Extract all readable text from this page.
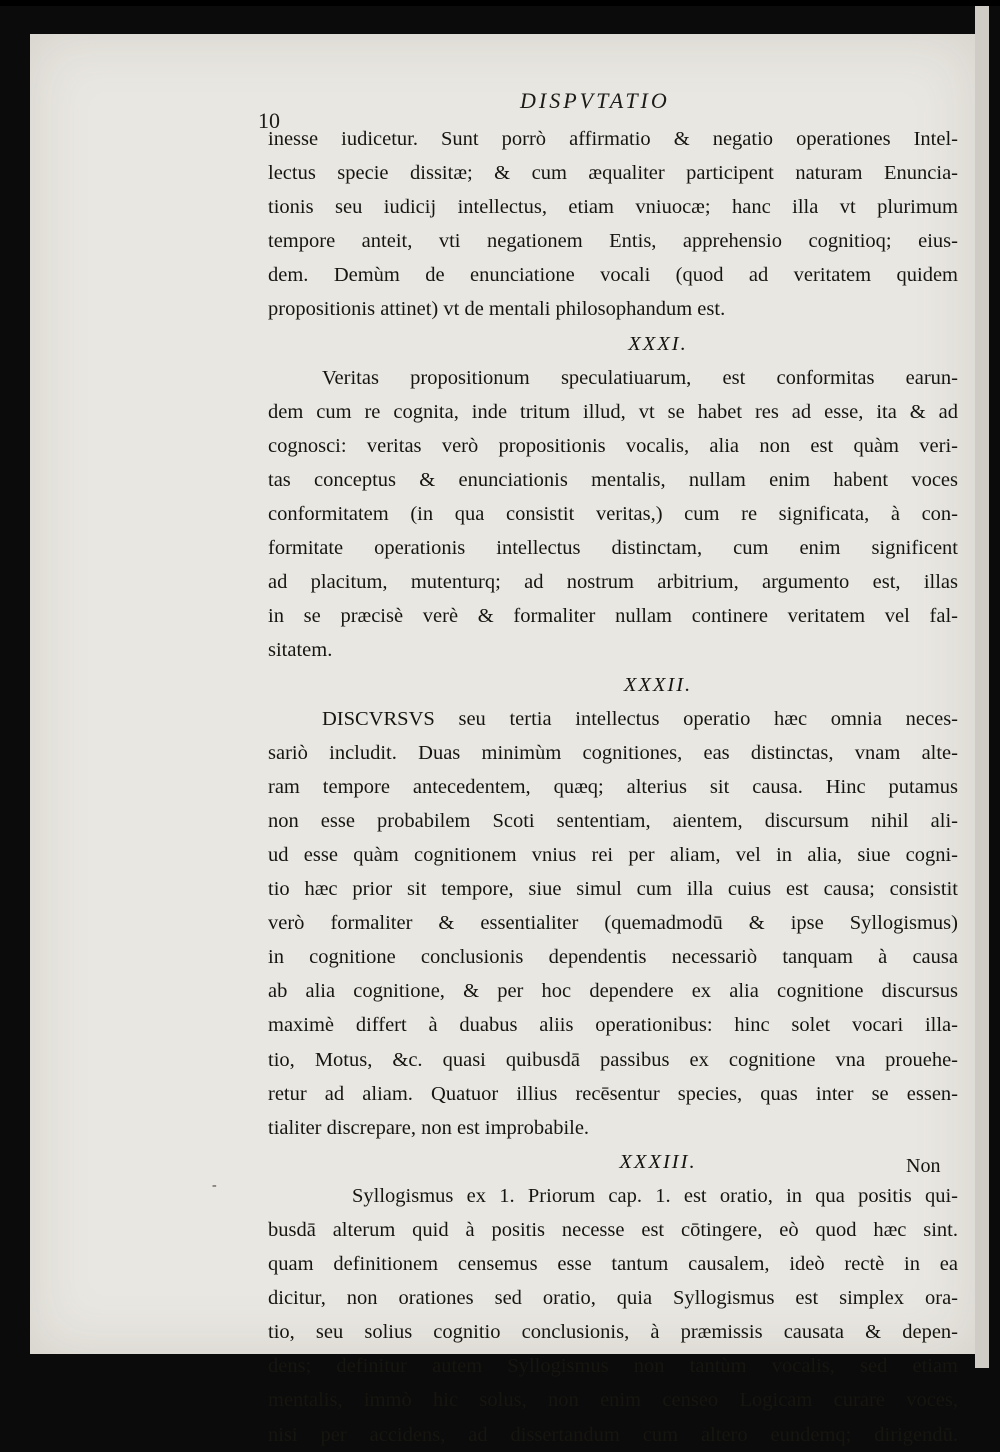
10
DISPVTATIO
inesse iudicetur. Sunt porrò affirmatio & negatio operationes Intel-
lectus specie dissitæ; & cum æqualiter participent naturam Enuncia-
tionis seu iudicij intellectus, etiam vniuocæ; hanc illa vt plurimum
tempore anteit, vti negationem Entis, apprehensio cognitioq; eius-
dem. Demùm de enunciatione vocali (quod ad veritatem quidem
propositionis attinet) vt de mentali philosophandum est.
XXXI.
Veritas propositionum speculatiuarum, est conformitas earun-
dem cum re cognita, inde tritum illud, vt se habet res ad esse, ita & ad
cognosci: veritas verò propositionis vocalis, alia non est quàm veri-
tas conceptus & enunciationis mentalis, nullam enim habent voces
conformitatem (in qua consistit veritas,) cum re significata, à con-
formitate operationis intellectus distinctam, cum enim significent
ad placitum, mutenturq; ad nostrum arbitrium, argumento est, illas
in se præcisè verè & formaliter nullam continere veritatem vel fal-
sitatem.
XXXII.
DISCVRSVS seu tertia intellectus operatio hæc omnia neces-
sariò includit. Duas minimùm cognitiones, eas distinctas, vnam alte-
ram tempore antecedentem, quæq; alterius sit causa. Hinc putamus
non esse probabilem Scoti sententiam, aientem, discursum nihil ali-
ud esse quàm cognitionem vnius rei per aliam, vel in alia, siue cogni-
tio hæc prior sit tempore, siue simul cum illa cuius est causa; consistit
verò formaliter & essentialiter (quemadmodū & ipse Syllogismus)
in cognitione conclusionis dependentis necessariò tanquam à causa
ab alia cognitione, & per hoc dependere ex alia cognitione discursus
maximè differt à duabus aliis operationibus: hinc solet vocari illa-
tio, Motus, &c. quasi quibusdā passibus ex cognitione vna prouehe-
retur ad aliam. Quatuor illius recēsentur species, quas inter se essen-
tialiter discrepare, non est improbabile.
XXXIII.
Syllogismus ex 1. Priorum cap. 1. est oratio, in qua positis qui-
busdā alterum quid à positis necesse est cōtingere, eò quod hæc sint.
quam definitionem censemus esse tantum causalem, ideò rectè in ea
dicitur, non orationes sed oratio, quia Syllogismus est simplex ora-
tio, seu solius cognitio conclusionis, à præmissis causata & depen-
dens; definitur autem Syllogismus non tantùm vocalis, sed etiam
mentalis, immò hic solus, non enim censeo Logicam curare voces,
nisi per accidens, ad dissertandum cum altero eundemq; dirigendū.
Non
-
